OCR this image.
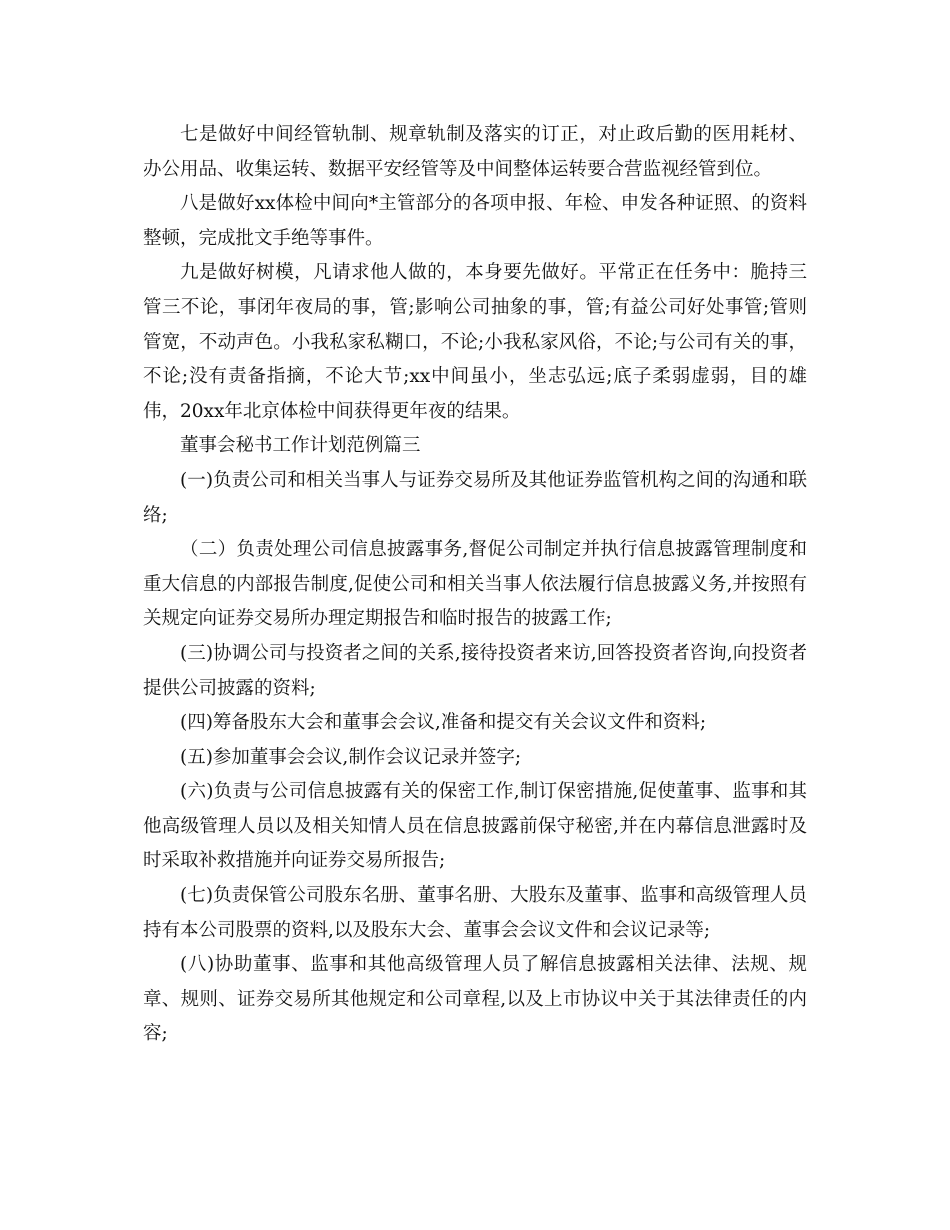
七是做好中间经管轨制、规章轨制及落实的订正，对止政后勤的医用耗材、办公用品、收集运转、数据平安经管等及中间整体运转要合营监视经管到位。

八是做好xx体检中间向*主管部分的各项申报、年检、申发各种证照、的资料整顿，完成批文手绝等事件。

九是做好树模，凡请求他人做的，本身要先做好。平常正在任务中：脆持三管三不论，事闭年夜局的事，管;影响公司抽象的事，管;有益公司好处事管;管则管宽，不动声色。小我私家私糊口，不论;小我私家风俗，不论;与公司有关的事，不论;没有责备指摘，不论大节;xx中间虽小，坐志弘远;底子柔弱虚弱，目的雄伟，20xx年北京体检中间获得更年夜的结果。

董事会秘书工作计划范例篇三

(一)负责公司和相关当事人与证券交易所及其他证券监管机构之间的沟通和联络;

（二）负责处理公司信息披露事务,督促公司制定并执行信息披露管理制度和重大信息的内部报告制度,促使公司和相关当事人依法履行信息披露义务,并按照有关规定向证券交易所办理定期报告和临时报告的披露工作;

(三)协调公司与投资者之间的关系,接待投资者来访,回答投资者咨询,向投资者提供公司披露的资料;

(四)筹备股东大会和董事会会议,准备和提交有关会议文件和资料;

(五)参加董事会会议,制作会议记录并签字;

(六)负责与公司信息披露有关的保密工作,制订保密措施,促使董事、监事和其他高级管理人员以及相关知情人员在信息披露前保守秘密,并在内幕信息泄露时及时采取补救措施并向证券交易所报告;

(七)负责保管公司股东名册、董事名册、大股东及董事、监事和高级管理人员持有本公司股票的资料,以及股东大会、董事会会议文件和会议记录等;

(八)协助董事、监事和其他高级管理人员了解信息披露相关法律、法规、规章、规则、证券交易所其他规定和公司章程,以及上市协议中关于其法律责任的内容;
